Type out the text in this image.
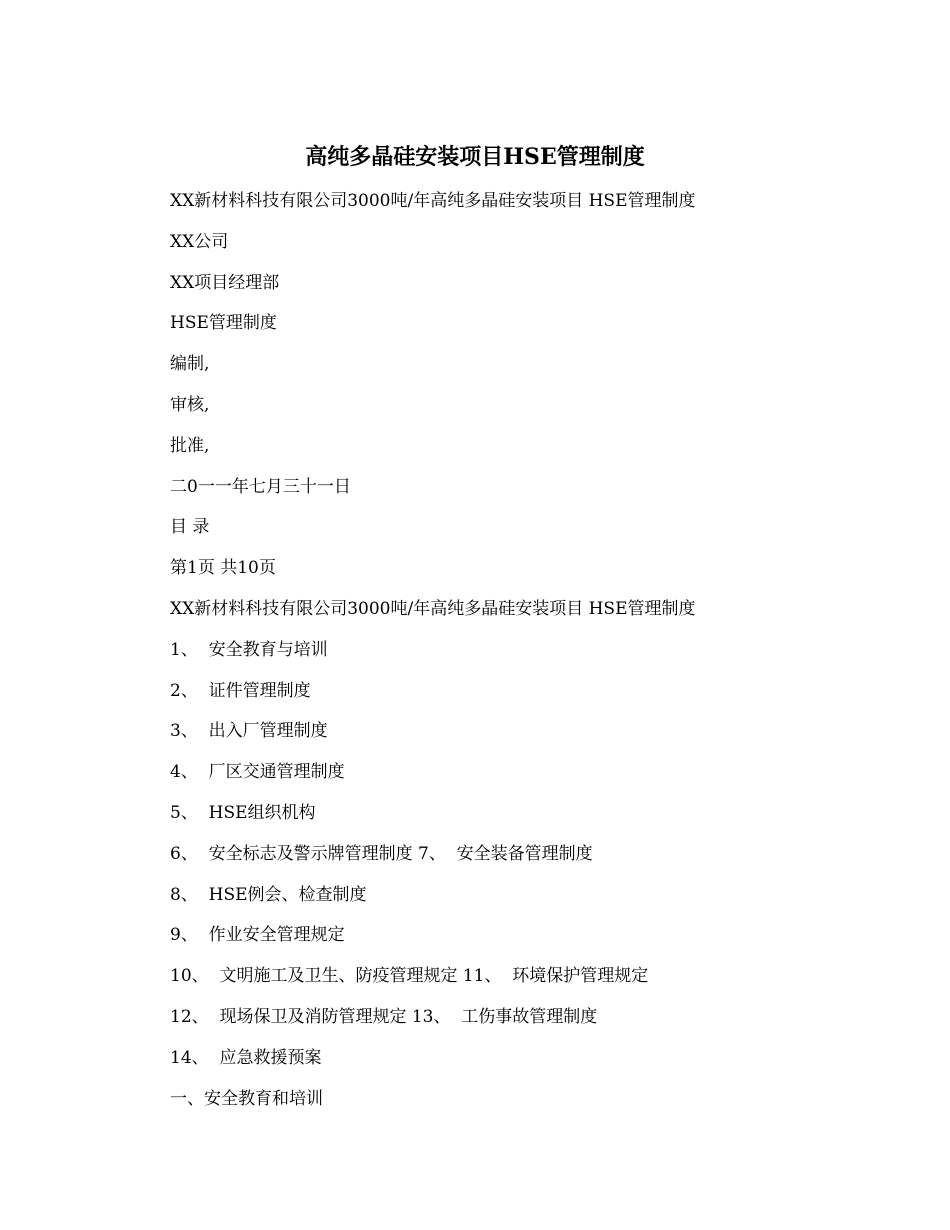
高纯多晶硅安装项目HSE管理制度
XX新材料科技有限公司3000吨/年高纯多晶硅安装项目 HSE管理制度
XX公司
XX项目经理部
HSE管理制度
编制,
审核,
批准,
二0一一年七月三十一日
目 录
第1页 共10页
XX新材料科技有限公司3000吨/年高纯多晶硅安装项目 HSE管理制度
1、  安全教育与培训
2、  证件管理制度
3、  出入厂管理制度
4、  厂区交通管理制度
5、  HSE组织机构
6、  安全标志及警示牌管理制度 7、  安全装备管理制度
8、  HSE例会、检查制度
9、  作业安全管理规定
10、  文明施工及卫生、防疫管理规定 11、  环境保护管理规定
12、  现场保卫及消防管理规定 13、  工伤事故管理制度
14、  应急救援预案
一、安全教育和培训
